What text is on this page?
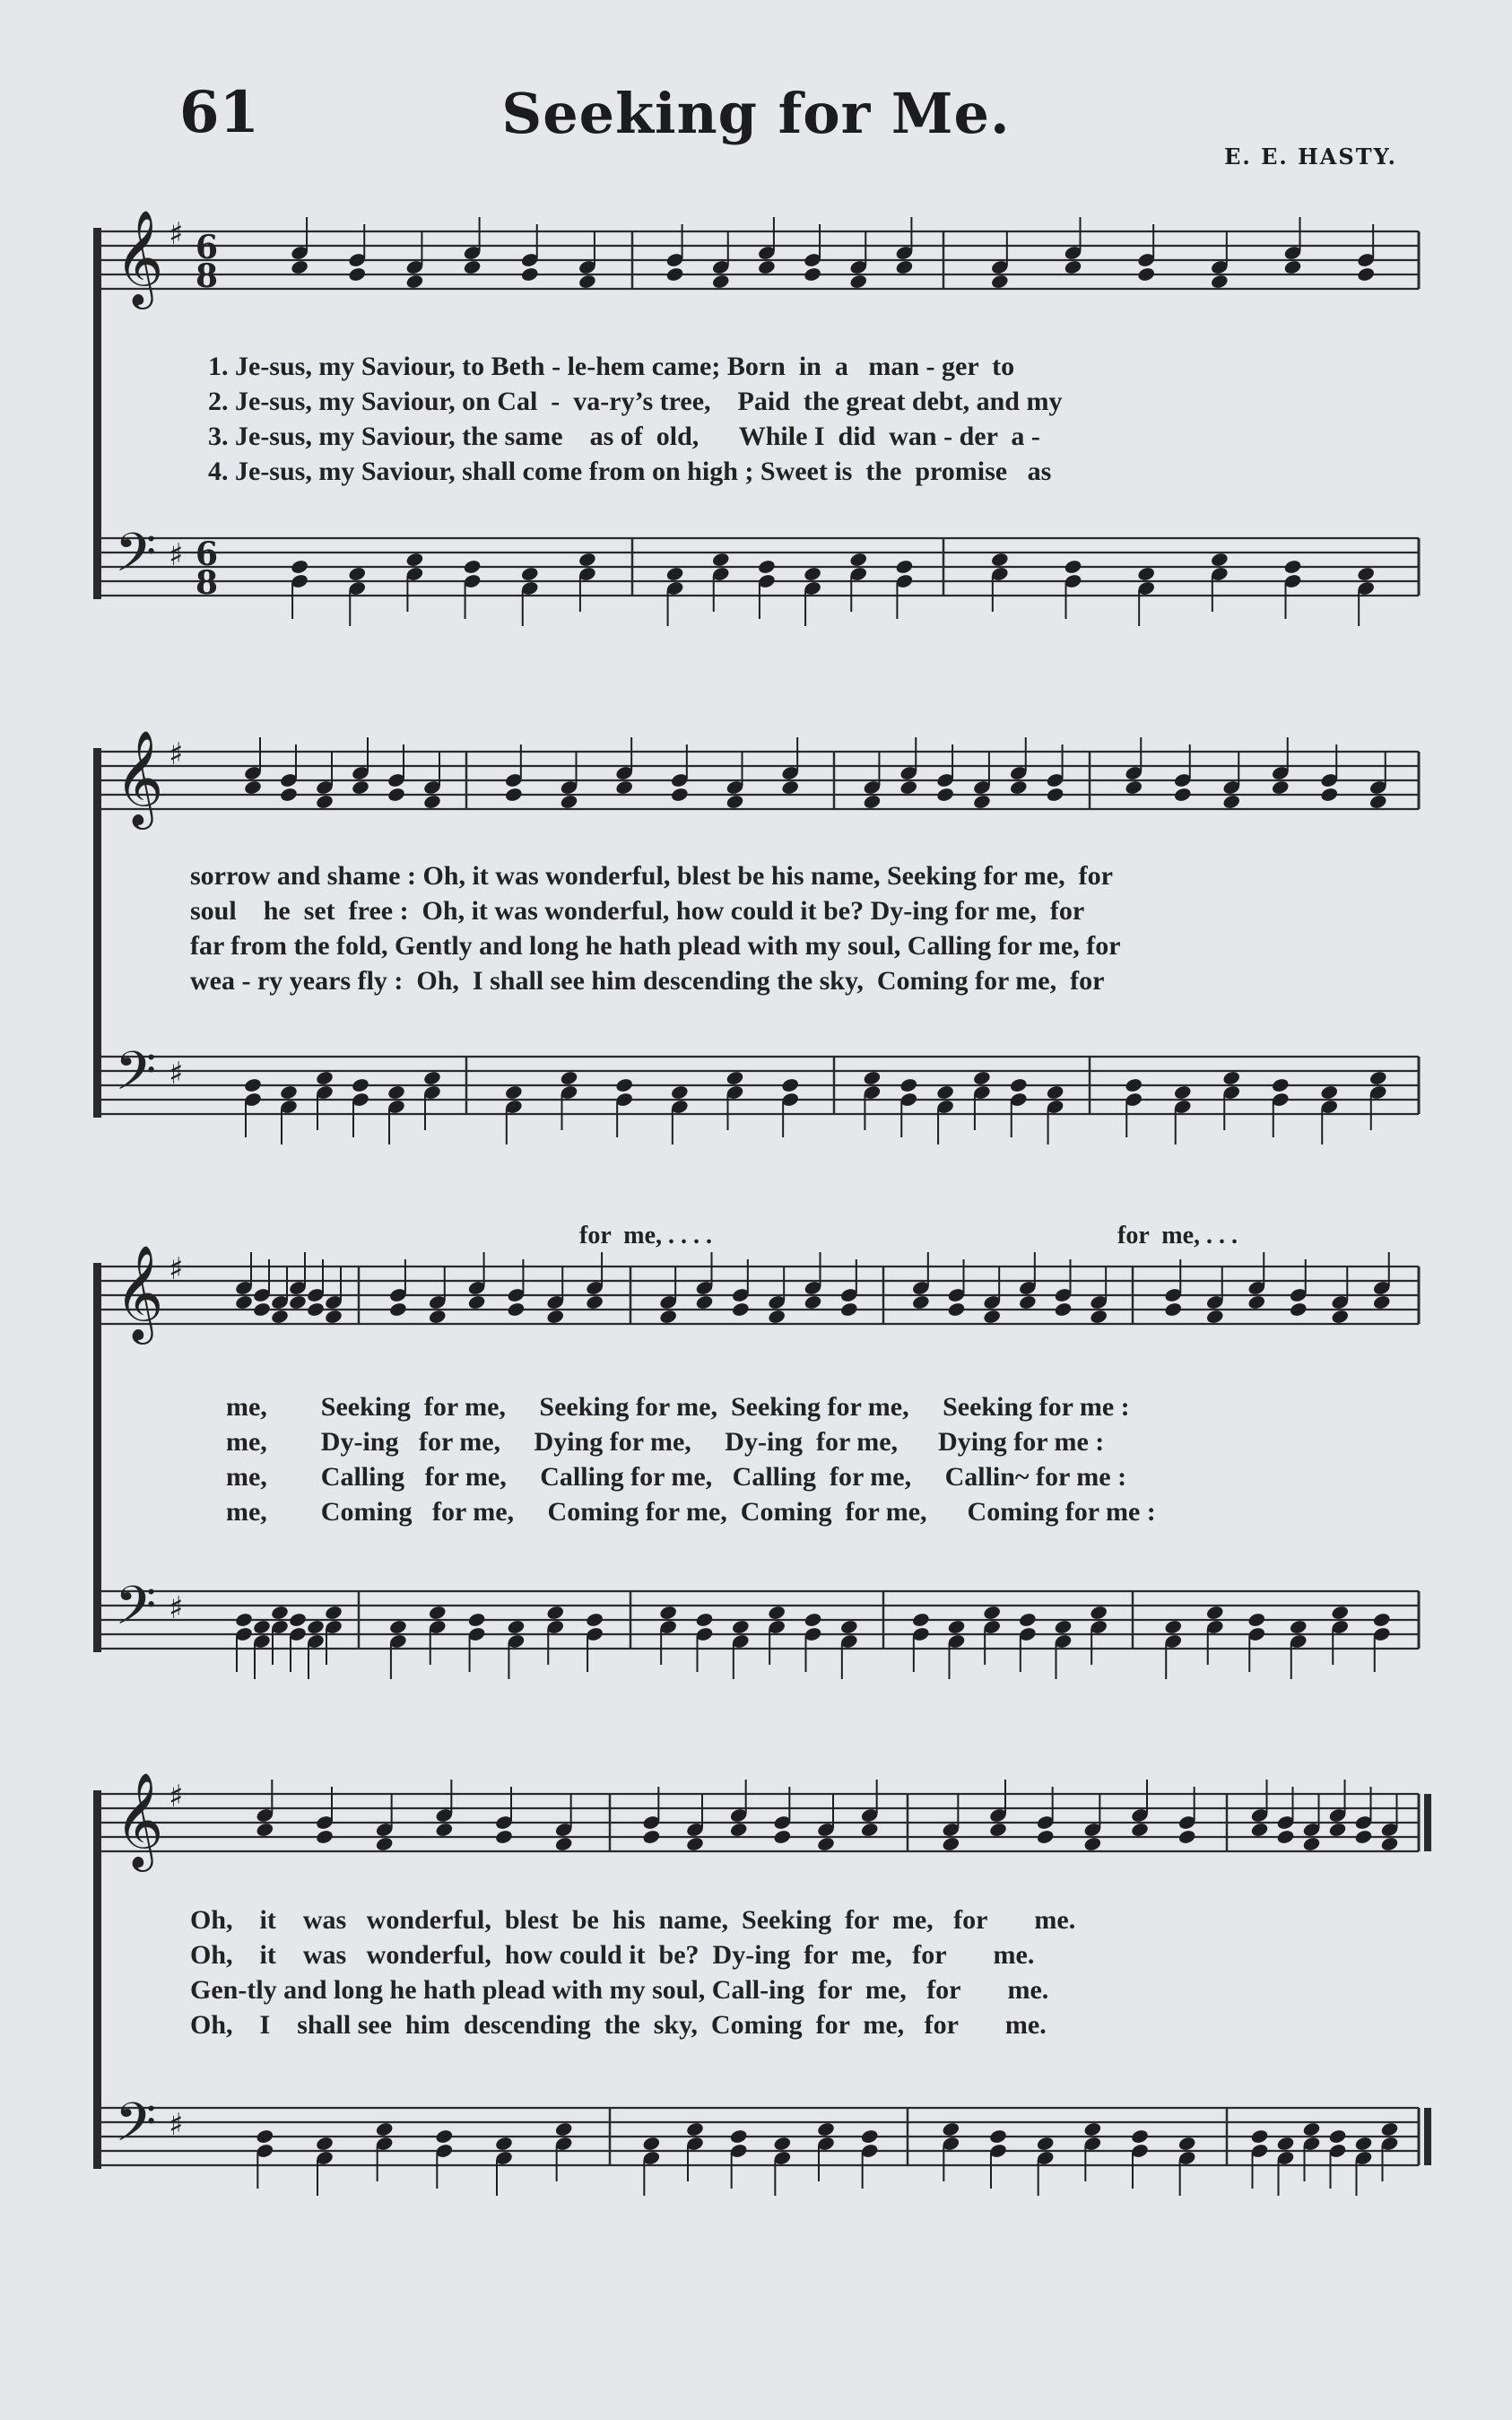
61	Seeking for Me.
E. E. HASTY.
𝄞
𝄢
♯
♯
6
8
6
8
1. Je-sus, my Saviour, to Beth - le-hem came; Born  in  a   man - ger  to
2. Je-sus, my Saviour, on Cal  -  va-ry’s tree,    Paid  the great debt, and my
3. Je-sus, my Saviour, the same    as of  old,      While I  did  wan - der  a -
4. Je-sus, my Saviour, shall come from on high ; Sweet is  the  promise   as
𝄞
𝄢
♯
♯
sorrow and shame : Oh, it was wonderful, blest be his name, Seeking for me,  for
soul    he  set  free :  Oh, it was wonderful, how could it be? Dy-ing for me,  for
far from the fold, Gently and long he hath plead with my soul, Calling for me, for
wea - ry years fly :  Oh,  I shall see him descending the sky,  Coming for me,  for
𝄞
𝄢
♯
♯
for  me, . . . .	for  me, . . .
me,        Seeking  for me,     Seeking for me,  Seeking for me,     Seeking for me :
me,        Dy-ing   for me,     Dying for me,     Dy-ing  for me,      Dying for me :
me,        Calling   for me,     Calling for me,   Calling  for me,     Callin~ for me :
me,        Coming   for me,     Coming for me,  Coming  for me,      Coming for me :
𝄞
𝄢
♯
♯
Oh,    it    was   wonderful,  blest  be  his  name,  Seeking  for  me,   for       me.
Oh,    it    was   wonderful,  how could it  be?  Dy-ing  for  me,   for       me.
Gen-tly and long he hath plead with my soul, Call-ing  for  me,   for       me.
Oh,    I    shall see  him  descending  the  sky,  Coming  for  me,   for       me.
